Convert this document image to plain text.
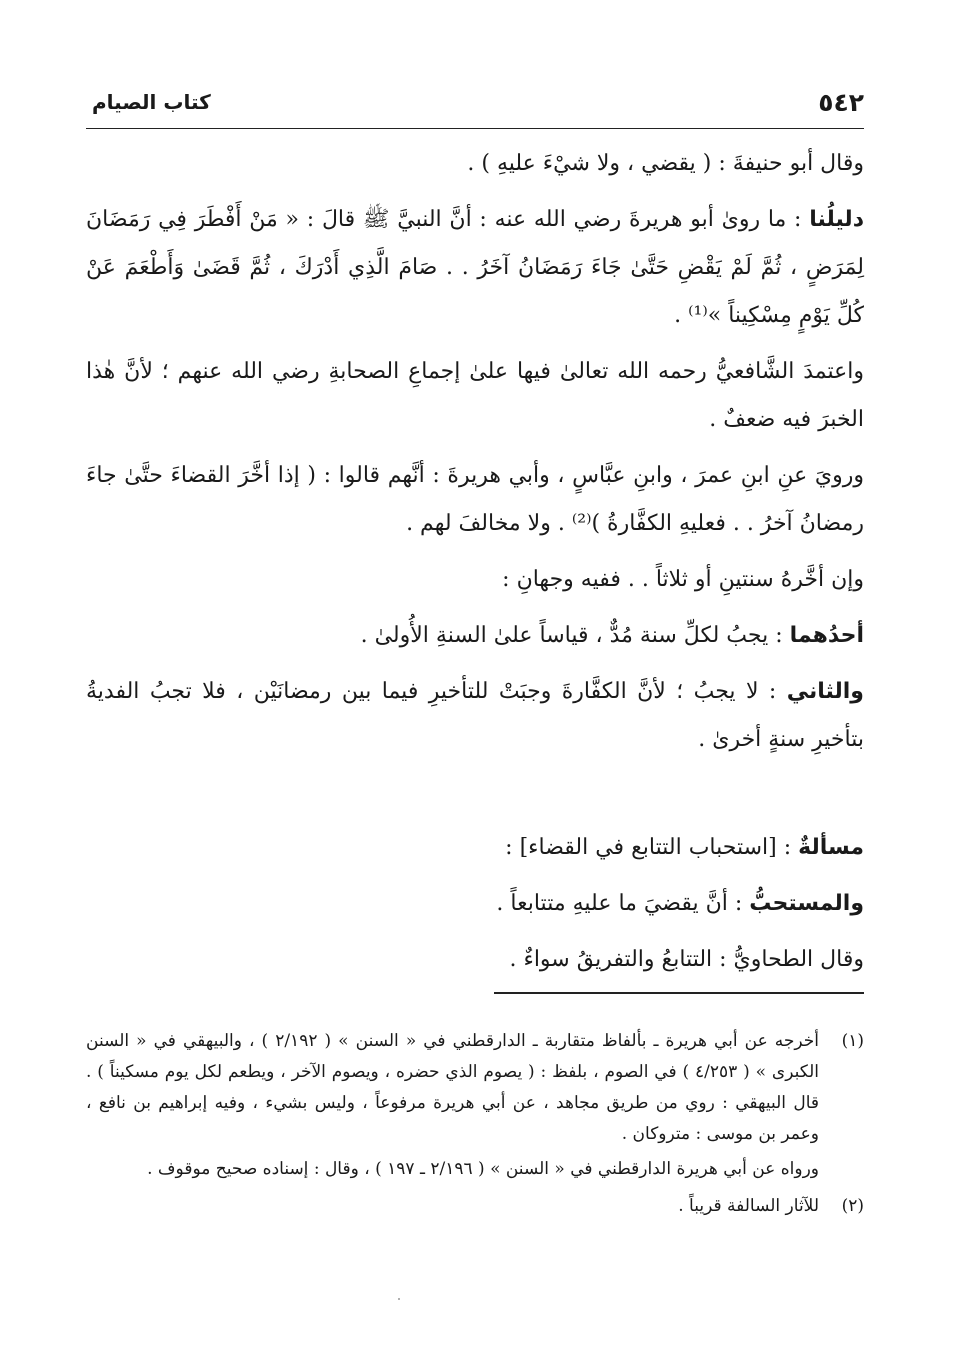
٥٤٢
كتاب الصيام

وقال أبو حنيفةَ : ( يقضي ، ولا شيْءَ عليهِ ) .

دليلُنا : ما روىٰ أبو هريرةَ رضي الله عنه : أنَّ النبيَّ ﷺ قالَ : « مَنْ أَفْطَرَ فِي رَمَضَانَ لِمَرَضٍ ، ثُمَّ لَمْ يَقْضِ حَتَّىٰ جَاءَ رَمَضَانُ آخَرُ . . صَامَ الَّذِي أَدْرَكَ ، ثُمَّ قَضَىٰ وَأَطْعَمَ عَنْ كُلِّ يَوْمٍ مِسْكِيناً »⁽¹⁾ .

واعتمدَ الشَّافعيُّ رحمه الله تعالىٰ فيها علىٰ إجماعِ الصحابةِ رضي الله عنهم ؛ لأنَّ هٰذا الخبرَ فيه ضعفٌ .

ورويَ عنِ ابنِ عمرَ ، وابنِ عبَّاسٍ ، وأبي هريرةَ : أنَّهم قالوا : ( إذا أخَّرَ القضاءَ حتَّىٰ جاءَ رمضانُ آخرُ . . فعليهِ الكفَّارةُ )⁽²⁾ . ولا مخالفَ لهم .

وإن أخَّرهُ سنتينِ أو ثلاثاً . . ففيه وجهانِ :

أحدُهما : يجبُ لكلِّ سنة مُدٌّ ، قياساً علىٰ السنةِ الأُولىٰ .

والثاني : لا يجبُ ؛ لأنَّ الكفَّارةَ وجبَتْ للتأخيرِ فيما بين رمضانَيْن ، فلا تجبُ الفديةُ بتأخيرِ سنةٍ أخرىٰ .

مسألةٌ : [استحباب التتابع في القضاء] :

والمستحبُّ : أنَّ يقضيَ ما عليهِ متتابعاً .

وقال الطحاويُّ : التتابعُ والتفريقُ سواءٌ .

(١)

أخرجه عن أبي هريرة ـ بألفاظ متقاربة ـ الدارقطني في « السنن » ( ٢/١٩٢ ) ، والبيهقي في « السنن الكبرى » ( ٤/٢٥٣ ) في الصوم ، بلفظ : ( يصوم الذي حضره ، ويصوم الآخر ، ويطعم لكل يوم مسكيناً ) . قال البيهقي : روي من طريق مجاهد ، عن أبي هريرة مرفوعاً ، وليس بشيء ، وفيه إبراهيم بن نافع ، وعمر بن موسى : متروكان .

ورواه عن أبي هريرة الدارقطني في « السنن » ( ٢/١٩٦ ـ ١٩٧ ) ، وقال : إسناده صحيح موقوف .

(٢)

للآثار السالفة قريباً .
